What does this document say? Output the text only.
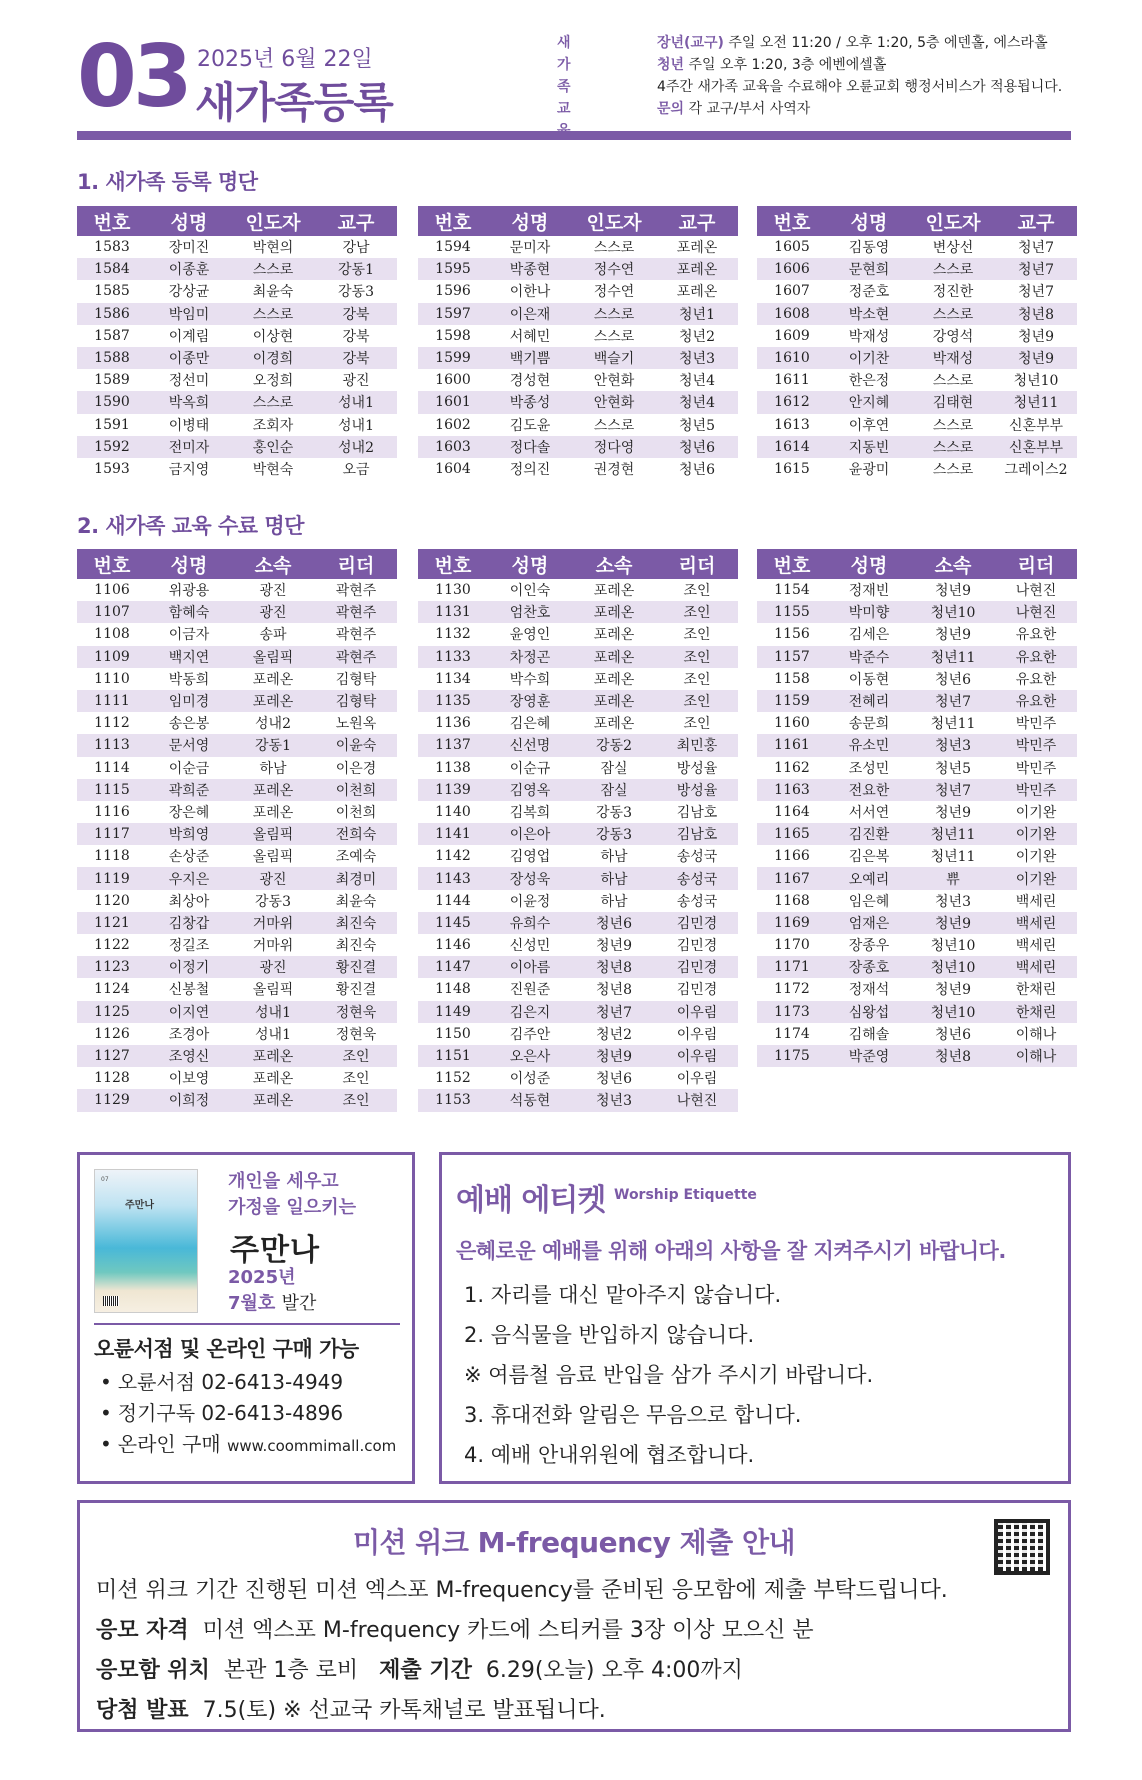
03 2025년 6월 22일
새가족등록
새가족 교
장년(교구) 주일 오전 11:20 / 오후 1:20, 5층 에덴홀, 에스라홀
청년 주일 오후 1:20, 3층 에벤에셀홀
4주간 새가족 교육을 수료해야 오륜교회 행정서비스가 적용됩니다.
문의 각 교구/부서 사역자
1. 새가족 등록 명단
번호	성명	인도자	교구
1583	장미진	박현의	강남
1584	이종훈	스스로	강동1
1585	강상균	최윤숙	강동3
1586	박임미	스스로	강북
1587	이계림	이상현	강북
1588	이종만	이경희	강북
1589	정선미	오정희	광진
1590	박옥희	스스로	성내1
1591	이병태	조회자	성내1
1592	전미자	홍인순	성내2
1593	금지영	박현숙	오금
번호	성명	인도자	교구
1594	문미자	스스로	포레온
1595	박종현	정수연	포레온
1596	이한나	정수연	포레온
1597	이은재	스스로	청년1
1598	서혜민	스스로	청년2
1599	백기쁨	백슬기	청년3
1600	경성현	안현화	청년4
1601	박종성	안현화	청년4
1602	김도윤	스스로	청년5
1603	정다솔	정다영	청년6
1604	정의진	권경현	청년6
번호	성명	인도자	교구
1605	김동영	변상선	청년7
1606	문현희	스스로	청년7
1607	정준호	정진한	청년7
1608	박소현	스스로	청년8
1609	박재성	강영석	청년9
1610	이기찬	박재성	청년9
1611	한은정	스스로	청년10
1612	안지혜	김태현	청년11
1613	이후연	스스로	신혼부부
1614	지동빈	스스로	신혼부부
1615	윤광미	스스로	그레이스2
2. 새가족 교육 수료 명단
번호	성명	소속	리더
1106	위광용	광진	곽현주
1107	함혜숙	광진	곽현주
1108	이금자	송파	곽현주
1109	백지연	올림픽	곽현주
1110	박동희	포레온	김형탁
1111	임미경	포레온	김형탁
1112	송은봉	성내2	노원옥
1113	문서영	강동1	이윤숙
1114	이순금	하남	이은경
1115	곽희준	포레온	이천희
1116	장은혜	포레온	이천희
1117	박희영	올림픽	전희숙
1118	손상준	올림픽	조예숙
1119	우지은	광진	최경미
1120	최상아	강동3	최윤숙
1121	김창갑	거마위	최진숙
1122	정길조	거마위	최진숙
1123	이정기	광진	황진결
1124	신봉철	올림픽	황진결
1125	이지연	성내1	정현욱
1126	조경아	성내1	정현욱
1127	조영신	포레온	조인
1128	이보영	포레온	조인
1129	이희정	포레온	조인
번호	성명	소속	리더
1130	이인숙	포레온	조인
1131	엄찬호	포레온	조인
1132	윤영인	포레온	조인
1133	차정곤	포레온	조인
1134	박수희	포레온	조인
1135	장영훈	포레온	조인
1136	김은혜	포레온	조인
1137	신선명	강동2	최민홍
1138	이순규	잠실	방성율
1139	김영옥	잠실	방성율
1140	김복희	강동3	김남호
1141	이은아	강동3	김남호
1142	김영업	하남	송성국
1143	장성욱	하남	송성국
1144	이윤정	하남	송성국
1145	유희수	청년6	김민경
1146	신성민	청년9	김민경
1147	이아름	청년8	김민경
1148	진원준	청년8	김민경
1149	김은지	청년7	이우림
1150	김주안	청년2	이우림
1151	오은사	청년9	이우림
1152	이성준	청년6	이우림
1153	석동현	청년3	나현진
번호	성명	소속	리더
1154	정재빈	청년9	나현진
1155	박미향	청년10	나현진
1156	김세은	청년9	유요한
1157	박준수	청년11	유요한
1158	이동현	청년6	유요한
1159	전혜리	청년7	유요한
1160	송문희	청년11	박민주
1161	유소민	청년3	박민주
1162	조성민	청년5	박민주
1163	전요한	청년7	박민주
1164	서서연	청년9	이기완
1165	김진환	청년11	이기완
1166	김은복	청년11	이기완
1167	오예리	쀼	이기완
1168	임은혜	청년3	백세린
1169	엄재은	청년9	백세린
1170	장종우	청년10	백세린
1171	장종호	청년10	백세린
1172	정재석	청년9	한채린
1173	심왕섭	청년10	한채린
1174	김해솔	청년6	이해나
1175	박준영	청년8	이해나
07
주만나
개인을 세우고
가정을 일으키는
주만나
2025년
7월호 발간
오륜서점 및 온라인 구매 가능
• 오륜서점 02-6413-4949
• 정기구독 02-6413-4896
• 온라인 구매 www.coommimall.com
예배 에티켓 Worship Etiquette
은혜로운 예배를 위해 아래의 사항을 잘 지켜주시기 바랍니다.
1. 자리를 대신 맡아주지 않습니다.
2. 음식물을 반입하지 않습니다.
※ 여름철 음료 반입을 삼가 주시기 바랍니다.
3. 휴대전화 알림은 무음으로 합니다.
4. 예배 안내위원에 협조합니다.
미션 위크 M-frequency 제출 안내
미션 위크 기간 진행된 미션 엑스포 M-frequency를 준비된 응모함에 제출 부탁드립니다.
응모 자격 미션 엑스포 M-frequency 카드에 스티커를 3장 이상 모으신 분
응모함 위치 본관 1층 로비 제출 기간 6.29(오늘) 오후 4:00까지
당첨 발표 7.5(토) ※ 선교국 카톡채널로 발표됩니다.
